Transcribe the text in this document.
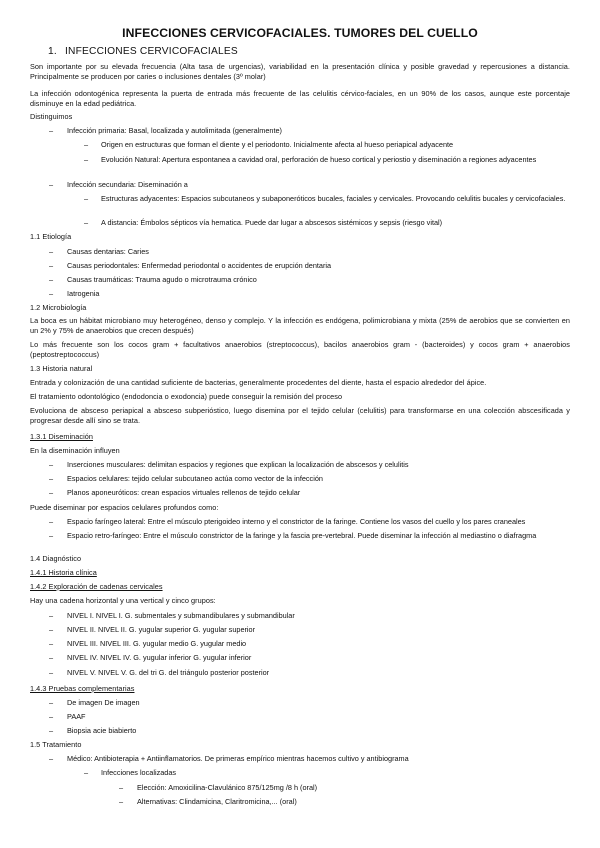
INFECCIONES CERVICOFACIALES. TUMORES DEL CUELLO
1. INFECCIONES CERVICOFACIALES
Son importante por su elevada frecuencia (Alta tasa de urgencias), variabilidad en la presentación clínica y posible gravedad y repercusiones a distancia. Principalmente se producen por caries o inclusiones dentales (3º molar)
La infección odontogénica representa la puerta de entrada más frecuente de las celulitis cérvico-faciales, en un 90% de los casos, aunque este porcentaje disminuye en la edad pediátrica.
Distinguimos
– Infección primaria: Basal, localizada y autolimitada (generalmente)
– Origen en estructuras que forman el diente y el periodonto. Inicialmente afecta al hueso periapical adyacente
– Evolución Natural: Apertura espontanea a cavidad oral, perforación de hueso cortical y periostio y diseminación a regiones adyacentes
– Infección secundaria: Diseminación a
– Estructuras adyacentes: Espacios subcutaneos y subaponeróticos bucales, faciales y cervicales. Provocando celulitis bucales y cervicofaciales.
– A distancia: Émbolos sépticos vía hematica. Puede dar lugar a abscesos sistémicos y sepsis (riesgo vital)
1.1 Etiología
– Causas dentarias: Caries
– Causas periodontales: Enfermedad periodontal o accidentes de erupción dentaria
– Causas traumáticas: Trauma agudo o microtrauma crónico
– Iatrogenia
1.2 Microbiología
La boca es un hábitat microbiano muy heterogéneo, denso y complejo. Y la infección es endógena, polimicrobiana y mixta (25% de aerobios que se convierten en un 2% y 75% de anaerobios que crecen después)
Lo más frecuente son los cocos gram + facultativos anaerobios (streptococcus), bacilos anaerobios gram - (bacteroides) y cocos gram + anaerobios (peptostreptococcus)
1.3 Historia natural
Entrada y colonización de una cantidad suficiente de bacterias, generalmente procedentes del diente, hasta el espacio alrededor del ápice.
El tratamiento odontológico (endodoncia o exodoncia) puede conseguir la remisión del proceso
Evoluciona de absceso periapical a absceso subperióstico, luego disemina por el tejido celular (celulitis) para transformarse en una colección abscesificada y progresar desde allí sino se trata.
1.3.1 Diseminación
En la diseminación influyen
– Inserciones musculares: delimitan espacios y regiones que explican la localización de abscesos y celulitis
– Espacios celulares: tejido celular subcutaneo actúa como vector de la infección
– Planos aponeuróticos: crean espacios virtuales rellenos de tejido celular
Puede diseminar por espacios celulares profundos como:
– Espacio faríngeo lateral: Entre el músculo pterigoideo interno y el constrictor de la faringe. Contiene los vasos del cuello y los pares craneales
– Espacio retro-faríngeo: Entre el músculo constrictor de la faringe y la fascia pre-vertebral. Puede diseminar la infección al mediastino o diafragma
1.4 Diagnóstico
1.4.1 Historia clínica
1.4.2 Exploración de cadenas cervicales
Hay una cadena horizontal y una vertical y cinco grupos:
– NIVEL I. NIVEL I. G. submentales y submandibulares y submandibular
– NIVEL II. NIVEL II. G. yugular superior G. yugular superior
– NIVEL III. NIVEL III. G. yugular medio G. yugular medio
– NIVEL IV. NIVEL IV. G. yugular inferior G. yugular inferior
– NIVEL V. NIVEL V. G. del tri G. del triángulo posterior posterior
1.4.3 Pruebas complementarias
– De imagen De imagen
– PAAF
– Biopsia acie biabierto
1.5 Tratamiento
– Médico: Antibioterapia + Antiinflamatorios. De primeras empírico mientras hacemos cultivo y antibiograma
– Infecciones localizadas
– Elección: Amoxicilina-Clavulánico 875/125mg /8 h (oral)
– Alternativas: Clindamicina, Claritromicina,... (oral)
